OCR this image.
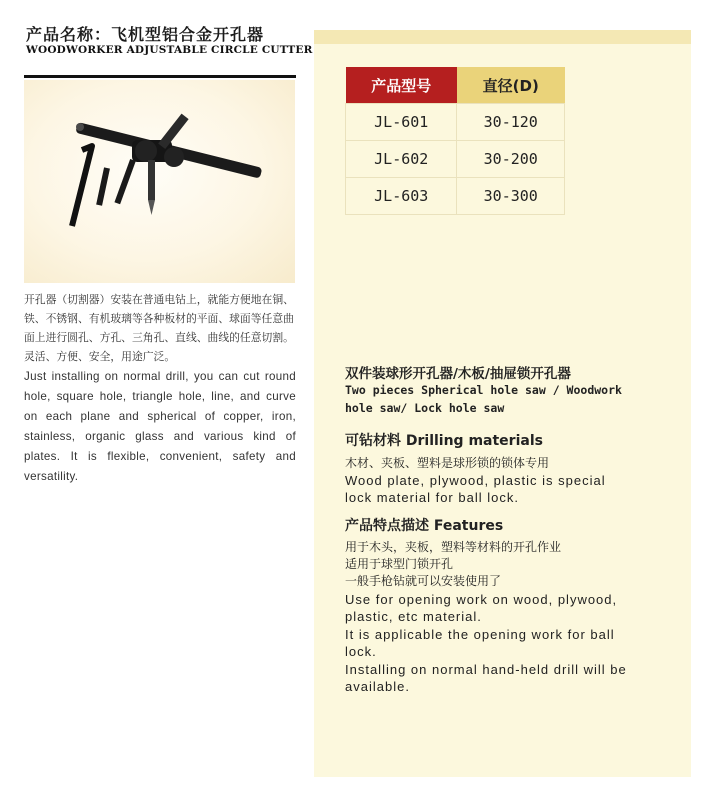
产品名称：飞机型铝合金开孔器
WOODWORKER ADJUSTABLE CIRCLE CUTTER
开孔器（切割器）安装在普通电钻上，就能方便地在铜、铁、不锈钢、有机玻璃等各种板材的平面、球面等任意曲面上进行圆孔、方孔、三角孔、直线、曲线的任意切割。灵活、方便、安全，用途广泛。
Just installing on normal drill, you can cut round hole, square hole, triangle hole, line, and curve on each plane and spherical of copper, iron, stainless, organic glass and various kind of plates. It is flexible, convenient, safety and versatility.
产品型号	直径(D)
JL-601	30-120
JL-602	30-200
JL-603	30-300
双件装球形开孔器/木板/抽屉锁开孔器
Two pieces Spherical hole saw / Woodwork
hole saw/ Lock hole saw
可钻材料 Drilling materials
木材、夹板、塑料是球形锁的锁体专用
Wood plate, plywood, plastic is special
lock material for ball lock.
产品特点描述 Features
用于木头，夹板，塑料等材料的开孔作业
适用于球型门锁开孔
一般手枪钻就可以安装使用了
Use for opening work on wood, plywood,
plastic, etc material.
It is applicable the opening work for ball
lock.
Installing on normal hand-held drill will be
available.
